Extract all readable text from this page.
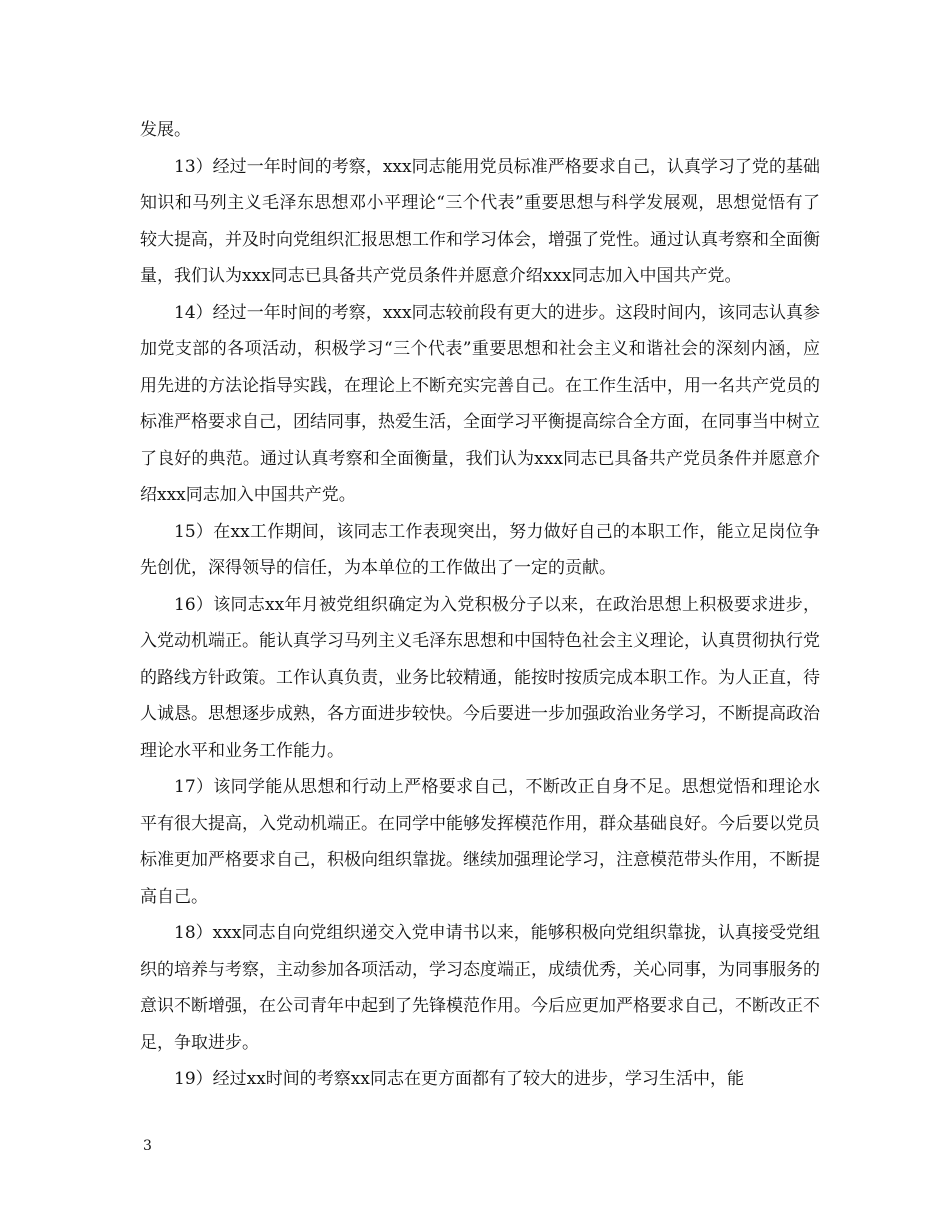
发展。

13）经过一年时间的考察，xxx同志能用党员标准严格要求自己，认真学习了党的基础知识和马列主义毛泽东思想邓小平理论“三个代表”重要思想与科学发展观，思想觉悟有了较大提高，并及时向党组织汇报思想工作和学习体会，增强了党性。通过认真考察和全面衡量，我们认为xxx同志已具备共产党员条件并愿意介绍xxx同志加入中国共产党。

14）经过一年时间的考察，xxx同志较前段有更大的进步。这段时间内，该同志认真参加党支部的各项活动，积极学习“三个代表”重要思想和社会主义和谐社会的深刻内涵，应用先进的方法论指导实践，在理论上不断充实完善自己。在工作生活中，用一名共产党员的标准严格要求自己，团结同事，热爱生活，全面学习平衡提高综合全方面，在同事当中树立了良好的典范。通过认真考察和全面衡量，我们认为xxx同志已具备共产党员条件并愿意介绍xxx同志加入中国共产党。

15）在xx工作期间，该同志工作表现突出，努力做好自己的本职工作，能立足岗位争先创优，深得领导的信任，为本单位的工作做出了一定的贡献。

16）该同志xx年月被党组织确定为入党积极分子以来，在政治思想上积极要求进步，入党动机端正。能认真学习马列主义毛泽东思想和中国特色社会主义理论，认真贯彻执行党的路线方针政策。工作认真负责，业务比较精通，能按时按质完成本职工作。为人正直，待人诚恳。思想逐步成熟，各方面进步较快。今后要进一步加强政治业务学习，不断提高政治理论水平和业务工作能力。

17）该同学能从思想和行动上严格要求自己，不断改正自身不足。思想觉悟和理论水平有很大提高，入党动机端正。在同学中能够发挥模范作用，群众基础良好。今后要以党员标准更加严格要求自己，积极向组织靠拢。继续加强理论学习，注意模范带头作用，不断提高自己。

18）xxx同志自向党组织递交入党申请书以来，能够积极向党组织靠拢，认真接受党组织的培养与考察，主动参加各项活动，学习态度端正，成绩优秀，关心同事，为同事服务的意识不断增强，在公司青年中起到了先锋模范作用。今后应更加严格要求自己，不断改正不足，争取进步。

19）经过xx时间的考察xx同志在更方面都有了较大的进步，学习生活中，能

3
